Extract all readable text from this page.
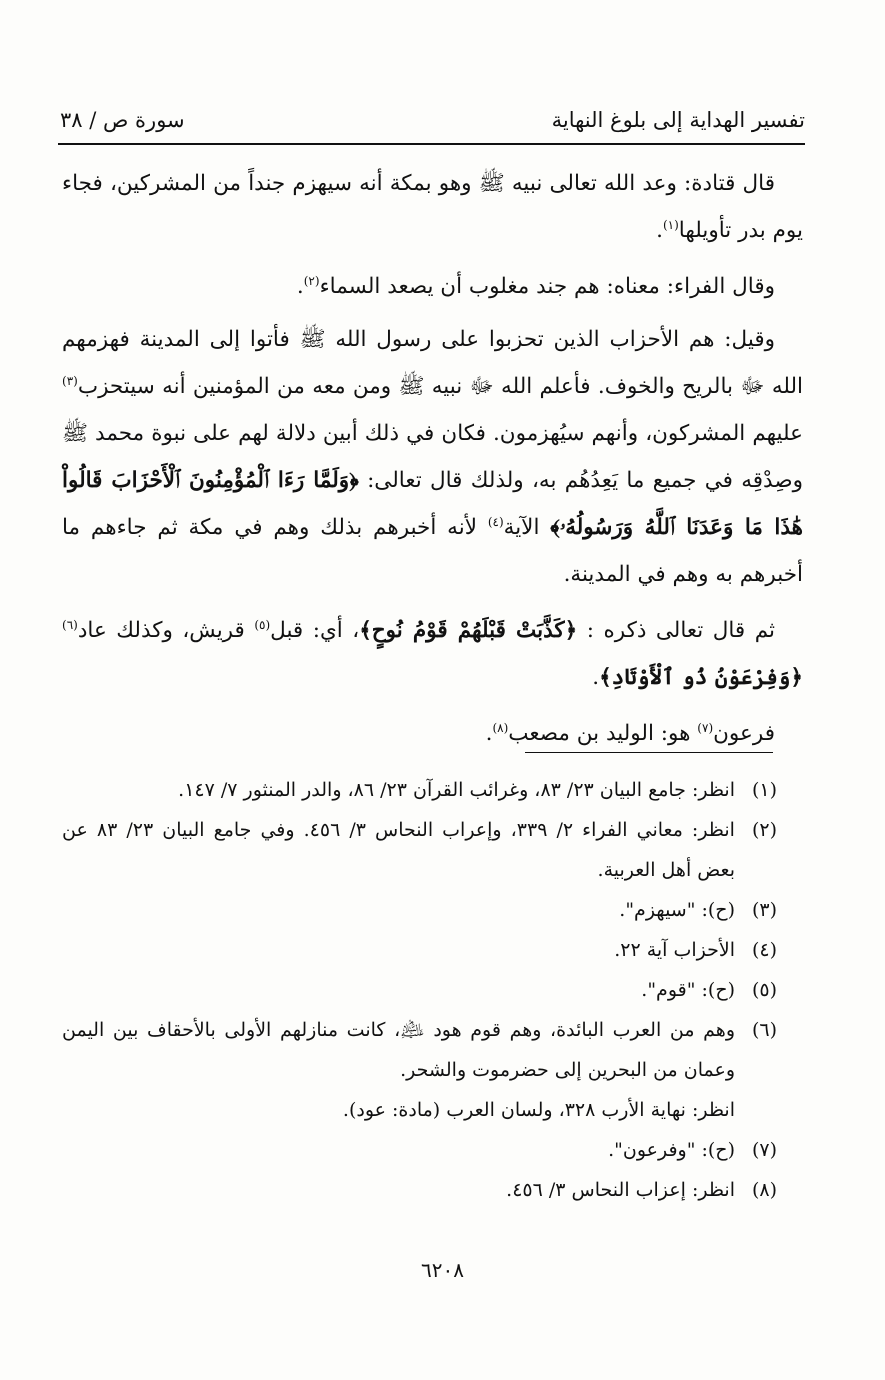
تفسير الهداية إلى بلوغ النهاية
سورة ص / ٣٨

قال قتادة: وعد الله تعالى نبيه ﷺ وهو بمكة أنه سيهزم جنداً من المشركين، فجاء يوم بدر تأويلها$^{(١)}$.

وقال الفراء: معناه: هم جند مغلوب أن يصعد السماء$^{(٢)}$.

وقيل: هم الأحزاب الذين تحزبوا على رسول الله ﷺ فأتوا إلى المدينة فهزمهم الله ﷻ بالريح والخوف. فأعلم الله ﷻ نبيه ﷺ ومن معه من المؤمنين أنه سيتحزب$^{(٣)}$ عليهم المشركون، وأنهم سيُهزمون. فكان في ذلك أبين دلالة لهم على نبوة محمد ﷺ وصِدْقِه في جميع ما يَعِدُهُم به، ولذلك قال تعالى: ﴿وَلَمَّا رَءَا ٱلْمُؤْمِنُونَ ٱلْأَحْزَابَ قَالُواْ هَٰذَا مَا وَعَدَنَا ٱللَّهُ وَرَسُولُهُۥ﴾ الآية$^{(٤)}$ لأنه أخبرهم بذلك وهم في مكة ثم جاءهم ما أخبرهم به وهم في المدينة.

ثم قال تعالى ذكره : ﴿كَذَّبَتْ قَبْلَهُمْ قَوْمُ نُوحٍ﴾، أي: قبل$^{(٥)}$ قريش، وكذلك عاد$^{(٦)}$﴿وَفِرْعَوْنُ ذُو ٱلْأَوْتَادِ﴾.

فرعون$^{(٧)}$ هو: الوليد بن مصعب$^{(٨)}$.

(١)
انظر: جامع البيان ٢٣/ ٨٣، وغرائب القرآن ٢٣/ ٨٦، والدر المنثور ٧/ ١٤٧.
(٢)
انظر: معاني الفراء ٢/ ٣٣٩، وإعراب النحاس ٣/ ٤٥٦. وفي جامع البيان ٢٣/ ٨٣ عن بعض أهل العربية.
(٣)
(ح): "سيهزم".
(٤)
الأحزاب آية ٢٢.
(٥)
(ح): "قوم".
(٦)
وهم من العرب البائدة، وهم قوم هود ﵇، كانت منازلهم الأولى بالأحقاف بين اليمن وعمان من البحرين إلى حضرموت والشحر.
انظر: نهاية الأرب ٣٢٨، ولسان العرب (مادة: عود).
(٧)
(ح): "وفرعون".
(٨)
انظر: إعزاب النحاس ٣/ ٤٥٦.
٦٢٠٨
